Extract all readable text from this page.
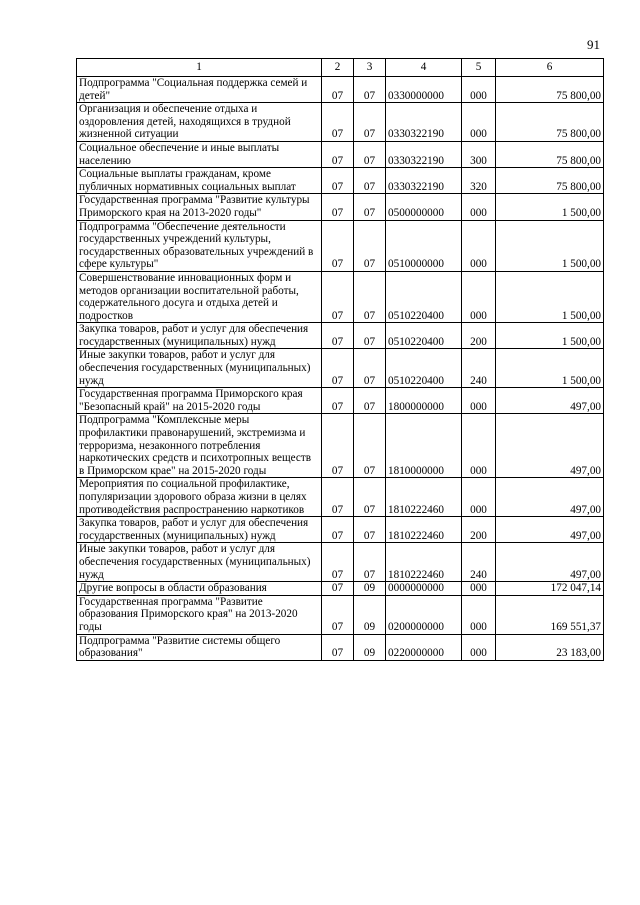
91
1	2	3	4	5	6
Подпрограмма "Социальная поддержка семей и детей"	07	07	0330000000	000	75 800,00
Организация и обеспечение отдыха и оздоровления детей, находящихся в трудной жизненной ситуации	07	07	0330322190	000	75 800,00
Социальное обеспечение и иные выплаты населению	07	07	0330322190	300	75 800,00
Социальные выплаты гражданам, кроме публичных нормативных социальных выплат	07	07	0330322190	320	75 800,00
Государственная программа "Развитие культуры Приморского края на 2013-2020 годы"	07	07	0500000000	000	1 500,00
Подпрограмма "Обеспечение деятельности государственных учреждений культуры, государственных образовательных учреждений в сфере культуры"	07	07	0510000000	000	1 500,00
Совершенствование инновационных форм и методов организации воспитательной работы, содержательного досуга и отдыха детей и подростков	07	07	0510220400	000	1 500,00
Закупка товаров, работ и услуг для обеспечения государственных (муниципальных) нужд	07	07	0510220400	200	1 500,00
Иные закупки товаров, работ и услуг для обеспечения государственных (муниципальных) нужд	07	07	0510220400	240	1 500,00
Государственная программа Приморского края "Безопасный край" на 2015-2020 годы	07	07	1800000000	000	497,00
Подпрограмма "Комплексные меры профилактики правонарушений, экстремизма и терроризма, незаконного потребления наркотических средств и психотропных веществ в Приморском крае" на 2015-2020 годы	07	07	1810000000	000	497,00
Мероприятия по социальной профилактике, популяризации здорового образа жизни в целях противодействия распространению наркотиков	07	07	1810222460	000	497,00
Закупка товаров, работ и услуг для обеспечения государственных (муниципальных) нужд	07	07	1810222460	200	497,00
Иные закупки товаров, работ и услуг для обеспечения государственных (муниципальных) нужд	07	07	1810222460	240	497,00
Другие вопросы в области образования	07	09	0000000000	000	172 047,14
Государственная программа "Развитие образования Приморского края" на 2013-2020 годы	07	09	0200000000	000	169 551,37
Подпрограмма "Развитие системы общего образования"	07	09	0220000000	000	23 183,00
